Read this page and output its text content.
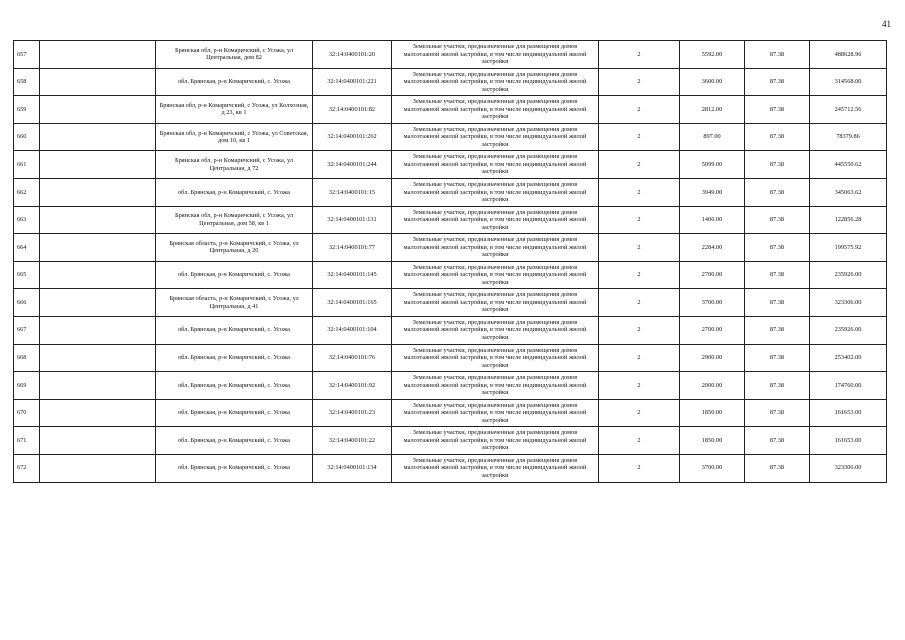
41
657		Брянская обл, р-н Комаричский, с Усожа, ул Центральная, дом 82	32:14:0400101:20	Земельные участки, предназначенные для размещения домов малоэтажной жилой застройки, в том числе индивидуальной жилой застройки	2	5592.00	87.38	488628.96
658		обл. Брянская, р-н Комаричский, с. Усожа	32:14:0400101:221	Земельные участки, предназначенные для размещения домов малоэтажной жилой застройки, в том числе индивидуальной жилой застройки	2	3600.00	87.38	314568.00
659		Брянская обл, р-н Комаричский, с Усожа, ул Колхозная, д 23, кв 1	32:14:0400101:82	Земельные участки, предназначенные для размещения домов малоэтажной жилой застройки, в том числе индивидуальной жилой застройки	2	2812.00	87.38	245712.56
660		Брянская обл, р-н Комаричский, с Усожа, ул Советская, дом 10, кв 1	32:14:0400101:262	Земельные участки, предназначенные для размещения домов малоэтажной жилой застройки, в том числе индивидуальной жилой застройки	2	897.00	87.38	78379.86
661		Брянская обл, р-н Комаричский, с Усожа, ул Центральная, д 72	32:14:0400101:244	Земельные участки, предназначенные для размещения домов малоэтажной жилой застройки, в том числе индивидуальной жилой застройки	2	5099.00	87.38	445550.62
662		обл. Брянская, р-н Комаричский, с. Усожа	32:14:0400101:15	Земельные участки, предназначенные для размещения домов малоэтажной жилой застройки, в том числе индивидуальной жилой застройки	2	3949.00	87.38	345063.62
663		Брянская обл, р-н Комаричский, с Усожа, ул Центральная, дом 58, кв 1	32:14:0400101:131	Земельные участки, предназначенные для размещения домов малоэтажной жилой застройки, в том числе индивидуальной жилой застройки	2	1406.00	87.38	122856.28
664		Брянская область, р-н Комаричский, с Усожа, ул Центральная, д 20	32:14:0400101:77	Земельные участки, предназначенные для размещения домов малоэтажной жилой застройки, в том числе индивидуальной жилой застройки	2	2284.00	87.38	199575.92
665		обл. Брянская, р-н Комаричский, с. Усожа	32:14:0400101:145	Земельные участки, предназначенные для размещения домов малоэтажной жилой застройки, в том числе индивидуальной жилой застройки	2	2700.00	87.38	235926.00
666		Брянская область, р-н Комаричский, с Усожа, ул Центральная, д 41	32:14:0400101:165	Земельные участки, предназначенные для размещения домов малоэтажной жилой застройки, в том числе индивидуальной жилой застройки	2	3700.00	87.38	323306.00
667		обл. Брянская, р-н Комаричский, с. Усожа	32:14:0400101:104	Земельные участки, предназначенные для размещения домов малоэтажной жилой застройки, в том числе индивидуальной жилой застройки	2	2700.00	87.38	235926.00
668		обл. Брянская, р-н Комаричский, с. Усожа	32:14:0400101:76	Земельные участки, предназначенные для размещения домов малоэтажной жилой застройки, в том числе индивидуальной жилой застройки	2	2900.00	87.38	253402.00
669		обл. Брянская, р-н Комаричский, с. Усожа	32:14:0400101:92	Земельные участки, предназначенные для размещения домов малоэтажной жилой застройки, в том числе индивидуальной жилой застройки	2	2000.00	87.38	174760.00
670		обл. Брянская, р-н Комаричский, с. Усожа	32:14:0400101:23	Земельные участки, предназначенные для размещения домов малоэтажной жилой застройки, в том числе индивидуальной жилой застройки	2	1850.00	87.38	161653.00
671		обл. Брянская, р-н Комаричский, с. Усожа	32:14:0400101:22	Земельные участки, предназначенные для размещения домов малоэтажной жилой застройки, в том числе индивидуальной жилой застройки	2	1850.00	87.38	161653.00
672		обл. Брянская, р-н Комаричский, с. Усожа	32:14:0400101:134	Земельные участки, предназначенные для размещения домов малоэтажной жилой застройки, в том числе индивидуальной жилой застройки	2	3700.00	87.38	323306.00
